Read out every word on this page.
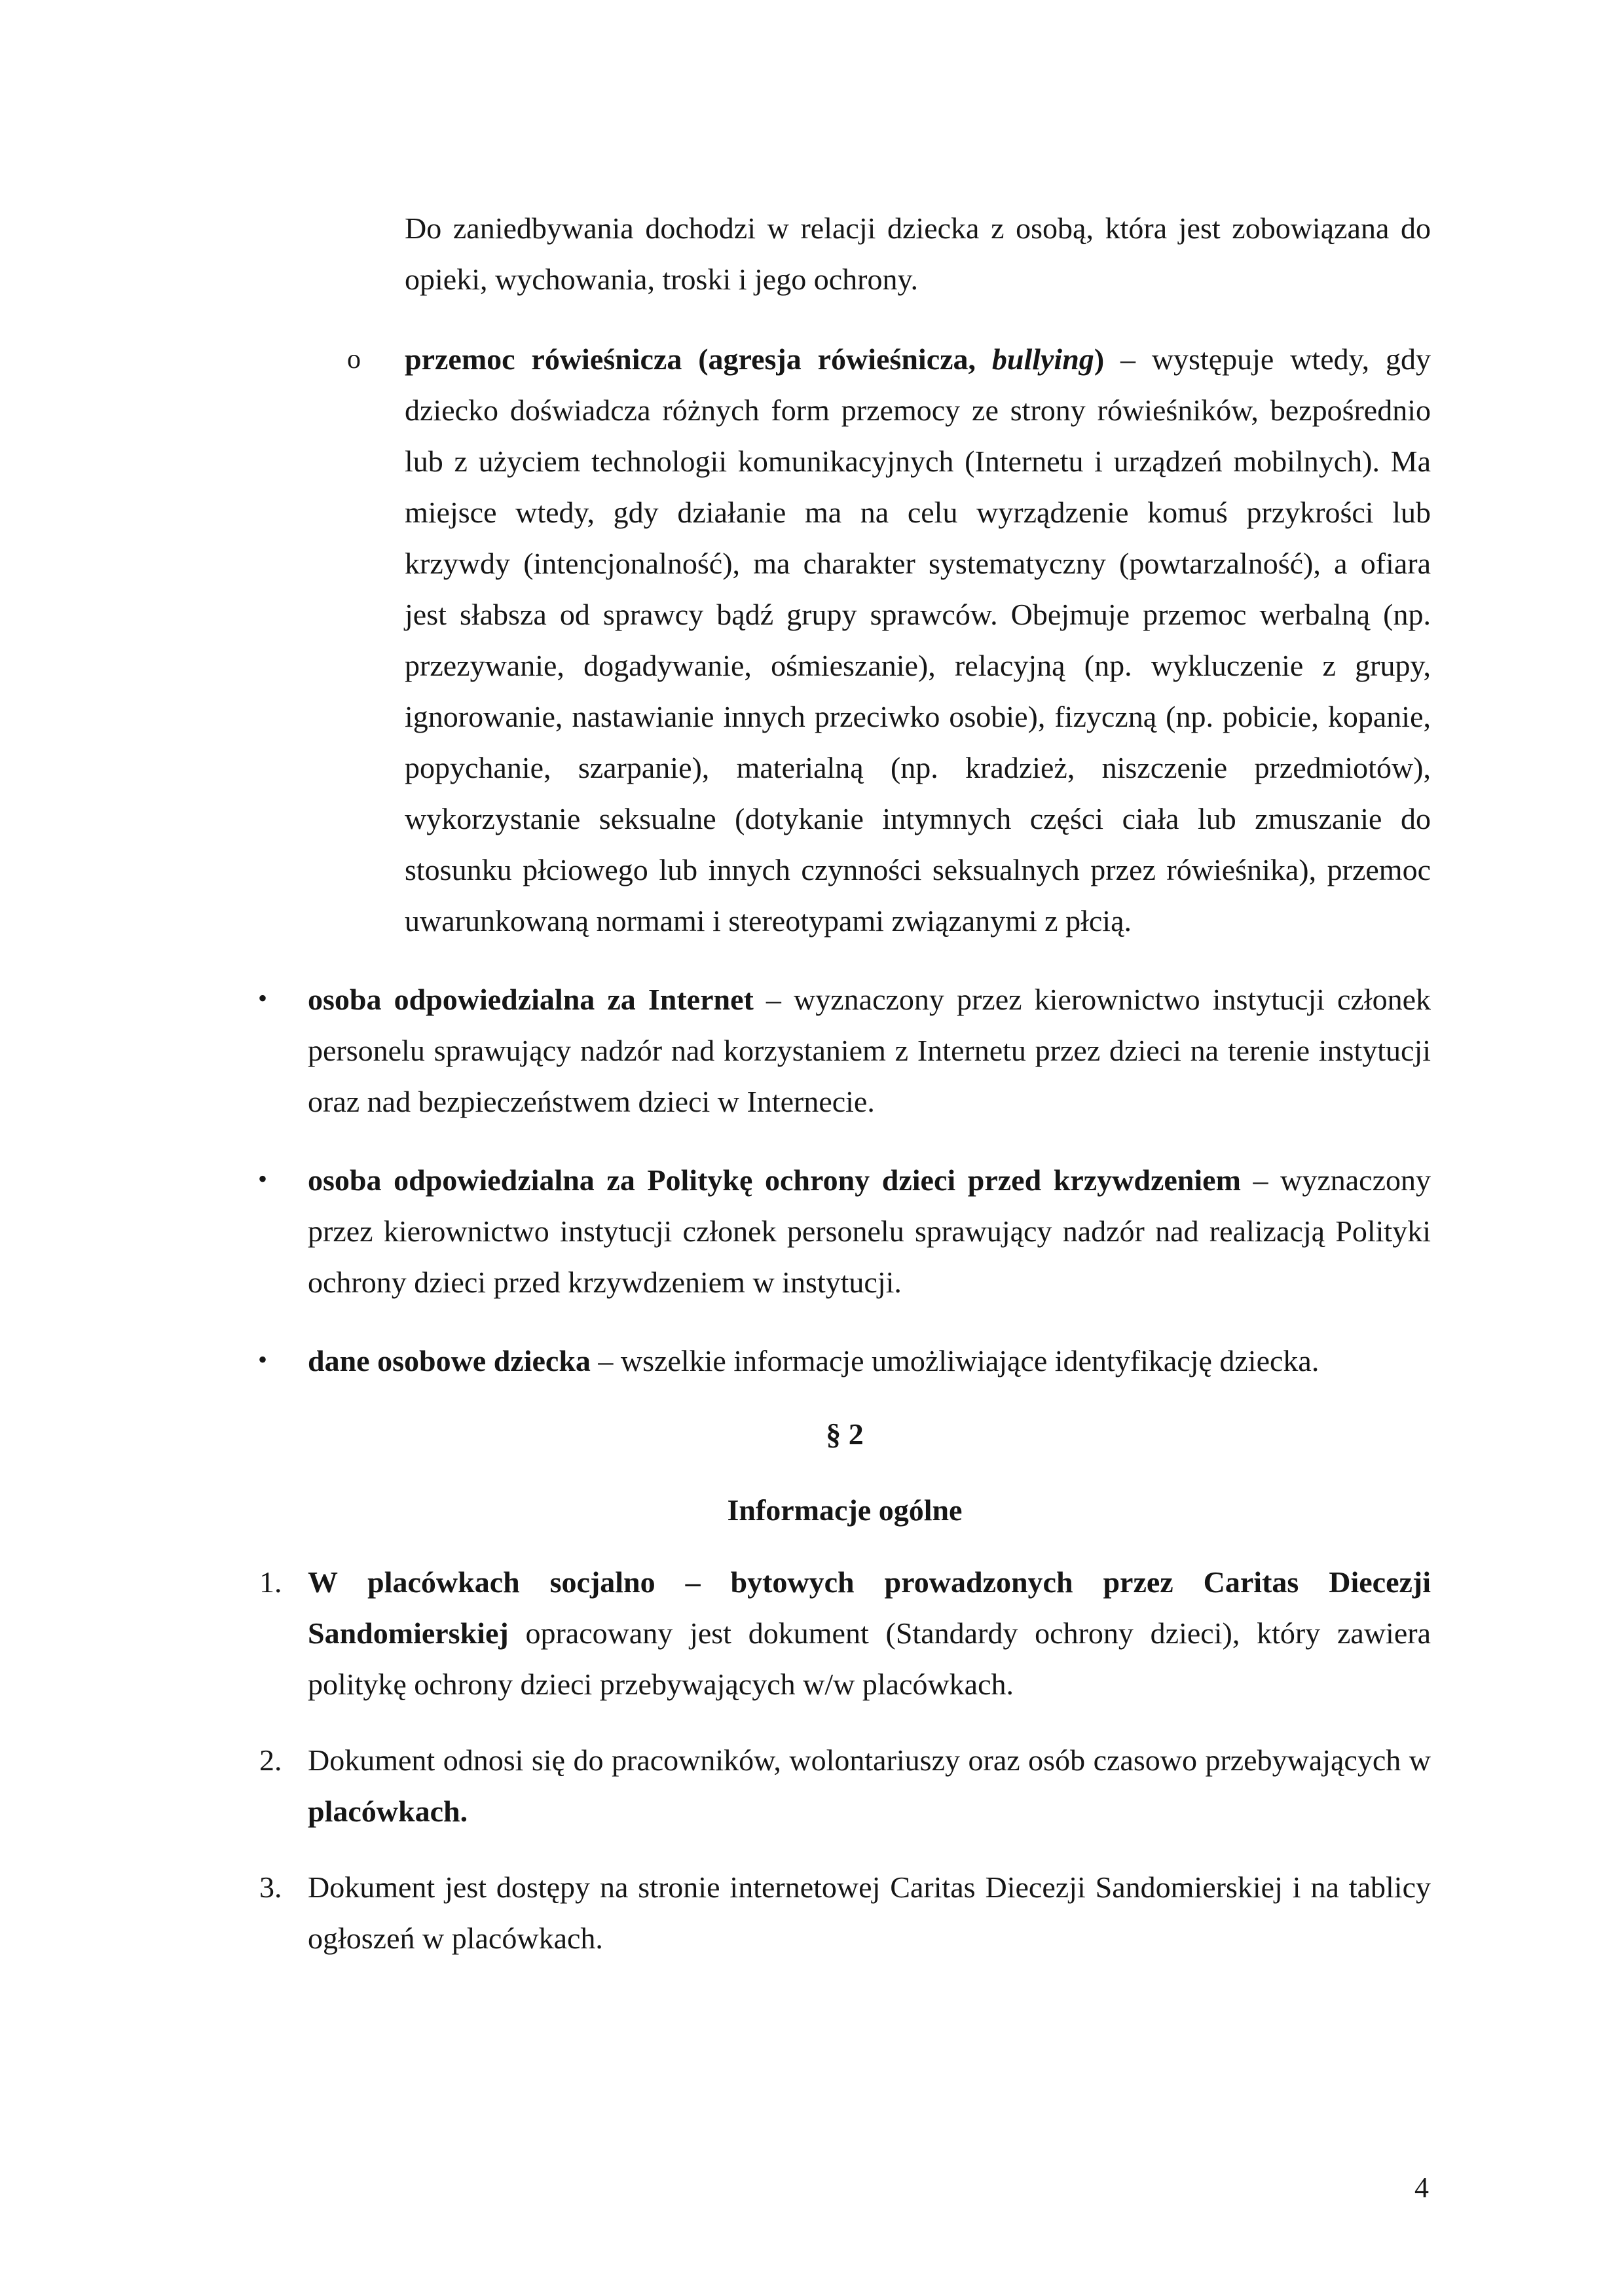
Do zaniedbywania dochodzi w relacji dziecka z osobą, która jest zobowiązana do opieki, wychowania, troski i jego ochrony.

o przemoc rówieśnicza (agresja rówieśnicza, bullying) – występuje wtedy, gdy dziecko doświadcza różnych form przemocy ze strony rówieśników, bezpośrednio lub z użyciem technologii komunikacyjnych (Internetu i urządzeń mobilnych). Ma miejsce wtedy, gdy działanie ma na celu wyrządzenie komuś przykrości lub krzywdy (intencjonalność), ma charakter systematyczny (powtarzalność), a ofiara jest słabsza od sprawcy bądź grupy sprawców. Obejmuje przemoc werbalną (np. przezywanie, dogadywanie, ośmieszanie), relacyjną (np. wykluczenie z grupy, ignorowanie, nastawianie innych przeciwko osobie), fizyczną (np. pobicie, kopanie, popychanie, szarpanie), materialną (np. kradzież, niszczenie przedmiotów), wykorzystanie seksualne (dotykanie intymnych części ciała lub zmuszanie do stosunku płciowego lub innych czynności seksualnych przez rówieśnika), przemoc uwarunkowaną normami i stereotypami związanymi z płcią.

• osoba odpowiedzialna za Internet – wyznaczony przez kierownictwo instytucji członek personelu sprawujący nadzór nad korzystaniem z Internetu przez dzieci na terenie instytucji oraz nad bezpieczeństwem dzieci w Internecie.

• osoba odpowiedzialna za Politykę ochrony dzieci przed krzywdzeniem – wyznaczony przez kierownictwo instytucji członek personelu sprawujący nadzór nad realizacją Polityki ochrony dzieci przed krzywdzeniem w instytucji.

• dane osobowe dziecka – wszelkie informacje umożliwiające identyfikację dziecka.

§ 2

Informacje ogólne

1. W placówkach socjalno – bytowych prowadzonych przez Caritas Diecezji Sandomierskiej opracowany jest dokument (Standardy ochrony dzieci), który zawiera politykę ochrony dzieci przebywających w/w placówkach.

2. Dokument odnosi się do pracowników, wolontariuszy oraz osób czasowo przebywających w placówkach.

3. Dokument jest dostępy na stronie internetowej Caritas Diecezji Sandomierskiej i na tablicy ogłoszeń w placówkach.

4
